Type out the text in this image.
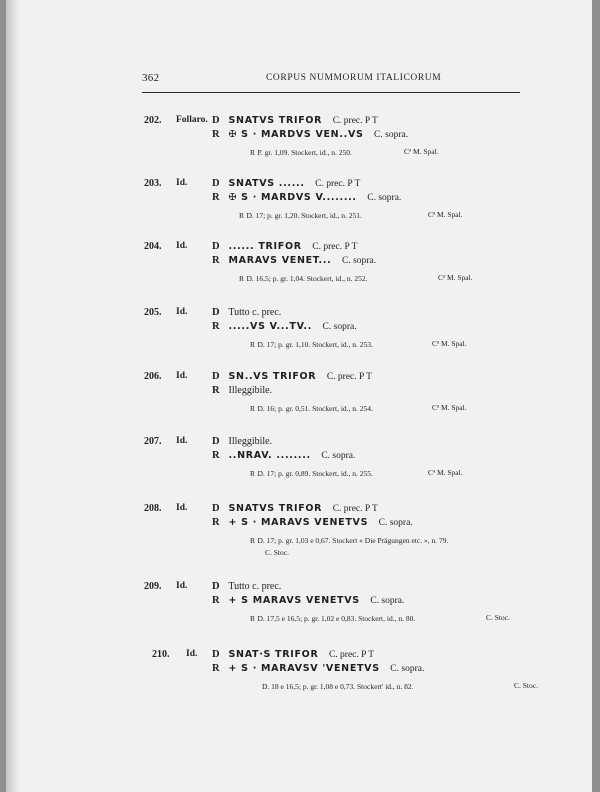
362	CORPUS NUMMORUM ITALICORUM
202. Follaro. D SNATVS TRIFOR C. prec. P T
R ✠ S · MARDVS VEN..VS C. sopra.
R P. gr. 1,09. Stockert, id., n. 250.	Cª M. Spal.
203. Id. D SNATVS ...... C. prec. P T
R ✠ S · MARDVS V........ C. sopra.
R D. 17; p. gr. 1,20. Stockert, id., n. 251.	Cª M. Spal.
204. Id. D ...... TRIFOR C. prec. P T
R MARAVS VENET... C. sopra.
R D. 16,5; p. gr. 1,04. Stockert, id., n. 252.	Cª M. Spal.
205. Id. D Tutto c. prec.
R .....VS V...TV.. C. sopra.
R D. 17; p. gr. 1,10. Stockert, id., n. 253.	Cª M. Spal.
206. Id. D SN..VS TRIFOR C. prec. P T
R Illeggibile.
R D. 16; p. gr. 0,51. Stockert, id., n. 254.	Cª M. Spal.
207. Id. D Illeggibile.
R ..NRAV. ........ C. sopra.
R D. 17; p. gr. 0,89. Stockert, id., n. 255.	Cª M. Spal.
208. Id. D SNATVS TRIFOR C. prec. P T
R + S · MARAVS VENETVS C. sopra.
R D. 17; p. gr. 1,03 e 0,67. Stockert « Die Prägungen etc. », n. 79.
C. Stoc.
209. Id. D Tutto c. prec.
R + S MARAVS VENETVS C. sopra.
R D. 17,5 e 16,5; p. gr. 1,02 e 0,83. Stockert, id., n. 80.	C. Stoc.
210. Id. D SNAT·S TRIFOR C. prec. P T
R + S · MARAVSV 'VENETVS C. sopra.
D. 18 e 16,5; p. gr. 1,08 e 0,73. Stockert' id., n. 82.	C. Stoc.
